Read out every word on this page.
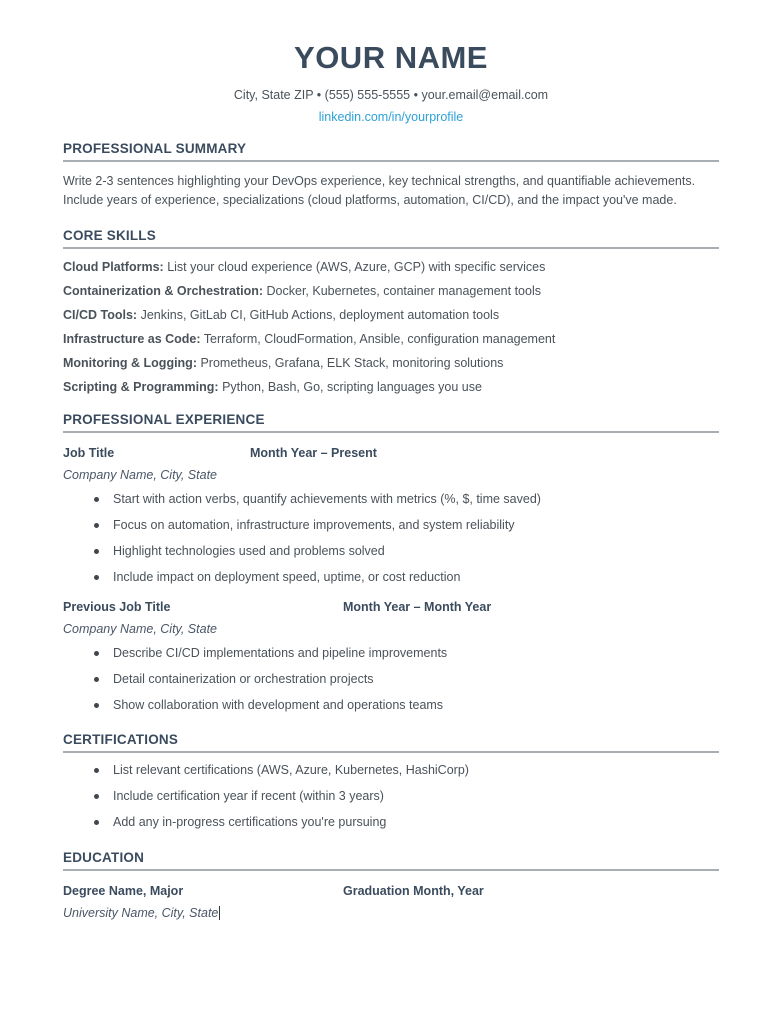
YOUR NAME
City, State ZIP • (555) 555-5555 • your.email@email.com
linkedin.com/in/yourprofile
PROFESSIONAL SUMMARY

Write 2-3 sentences highlighting your DevOps experience, key technical strengths, and quantifiable achievements. Include years of experience, specializations (cloud platforms, automation, CI/CD), and the impact you've made.

CORE SKILLS
Cloud Platforms: List your cloud experience (AWS, Azure, GCP) with specific services
Containerization & Orchestration: Docker, Kubernetes, container management tools
CI/CD Tools: Jenkins, GitLab CI, GitHub Actions, deployment automation tools
Infrastructure as Code: Terraform, CloudFormation, Ansible, configuration management
Monitoring & Logging: Prometheus, Grafana, ELK Stack, monitoring solutions
Scripting & Programming: Python, Bash, Go, scripting languages you use
PROFESSIONAL EXPERIENCE
Job Title	Month Year – Present
Company Name, City, State
Start with action verbs, quantify achievements with metrics (%, $, time saved)
Focus on automation, infrastructure improvements, and system reliability
Highlight technologies used and problems solved
Include impact on deployment speed, uptime, or cost reduction
Previous Job Title	Month Year – Month Year
Company Name, City, State
Describe CI/CD implementations and pipeline improvements
Detail containerization or orchestration projects
Show collaboration with development and operations teams
CERTIFICATIONS
List relevant certifications (AWS, Azure, Kubernetes, HashiCorp)
Include certification year if recent (within 3 years)
Add any in-progress certifications you're pursuing
EDUCATION
Degree Name, Major	Graduation Month, Year
University Name, City, State
